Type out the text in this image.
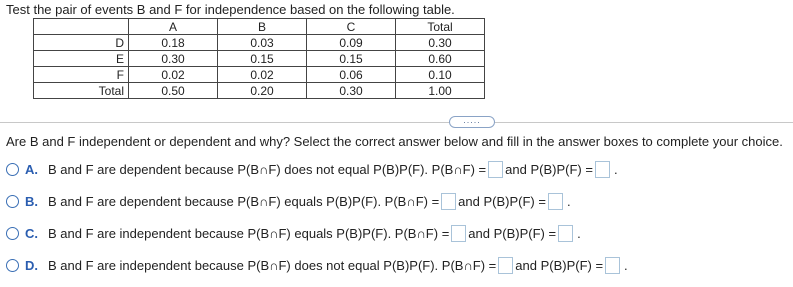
Test the pair of events B and F for independence based on the following table.
	A	B	C	Total
D	0.18	0.03	0.09	0.30
E	0.30	0.15	0.15	0.60
F	0.02	0.02	0.06	0.10
Total	0.50	0.20	0.30	1.00
.....
Are B and F independent or dependent and why? Select the correct answer below and fill in the answer boxes to complete your choice.
A. B and F are dependent because P(B∩F) does not equal P(B)P(F). P(B∩F) = and P(B)P(F) = .
B. B and F are dependent because P(B∩F) equals P(B)P(F). P(B∩F) = and P(B)P(F) = .
C. B and F are independent because P(B∩F) equals P(B)P(F). P(B∩F) = and P(B)P(F) = .
D. B and F are independent because P(B∩F) does not equal P(B)P(F). P(B∩F) = and P(B)P(F) = .
